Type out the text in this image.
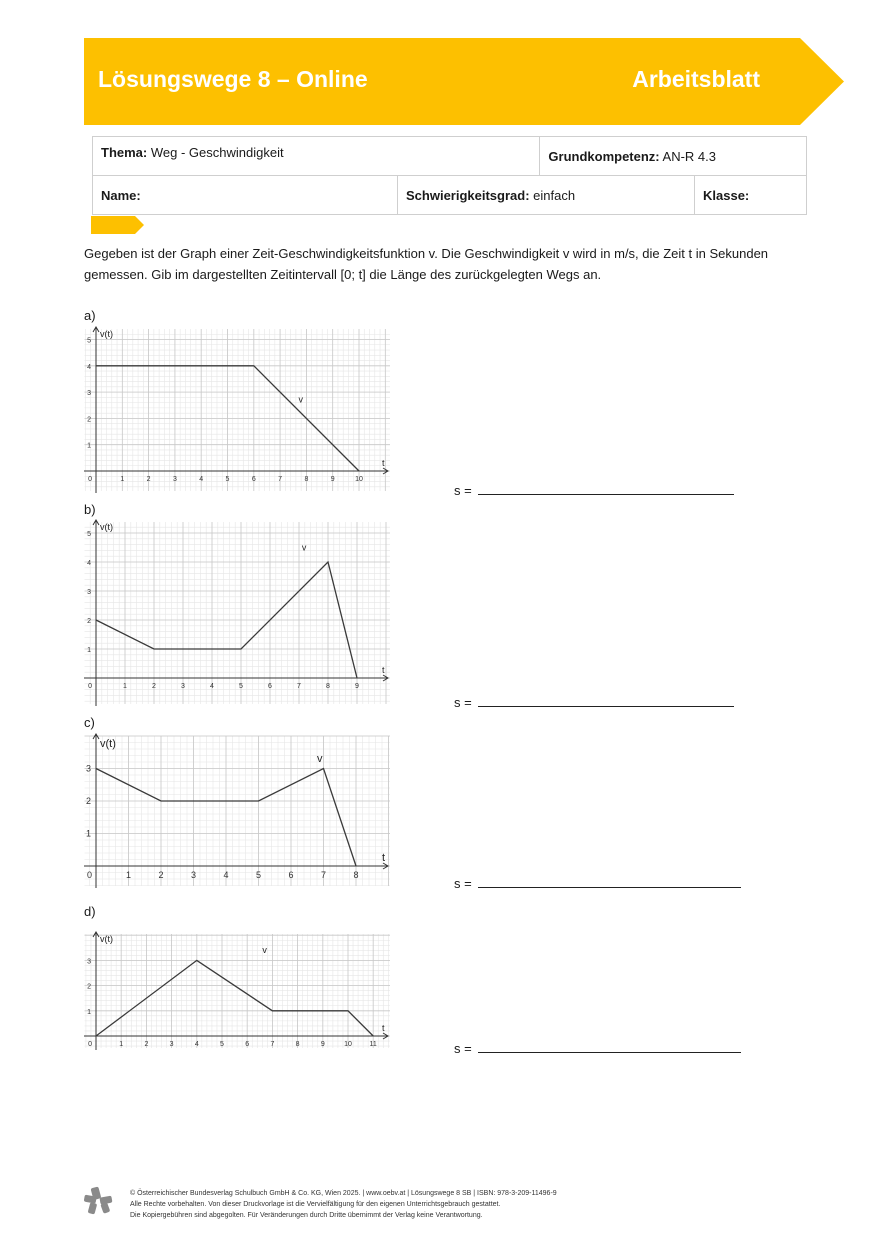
Lösungswege 8 – Online	Arbeitsblatt
Thema: Weg - Geschwindigkeit		Grundkompetenz: AN-R 4.3	
Name:	Schwierigkeitsgrad: einfach		Klasse:
Gegeben ist der Graph einer Zeit-Geschwindigkeitsfunktion v. Die Geschwindigkeit v wird in m/s, die Zeit t in Sekunden gemessen. Gib im dargestellten Zeitintervall [0; t] die Länge des zurückgelegten Wegs an.
a)
1	2	3	4	5	6	7	8	9	10
1
2
3
4
5
0
t
v(t)
v
s =
b)
1	2	3	4	5	6	7	8	9
1
2
3
4
5
0
t
v(t)
v
s =
c)
1	2	3	4	5	6	7	8
1
2
3
0
t
v(t)
v
s =
d)
1	2	3	4	5	6	7	8	9	10	11
1
2
3
0
t
v(t)
v
s =
© Österreichischer Bundesverlag Schulbuch GmbH & Co. KG, Wien 2025. | www.oebv.at | Lösungswege 8 SB | ISBN: 978-3-209-11496-9
Alle Rechte vorbehalten. Von dieser Druckvorlage ist die Vervielfältigung für den eigenen Unterrichtsgebrauch gestattet.
Die Kopiergebühren sind abgegolten. Für Veränderungen durch Dritte übernimmt der Verlag keine Verantwortung.
